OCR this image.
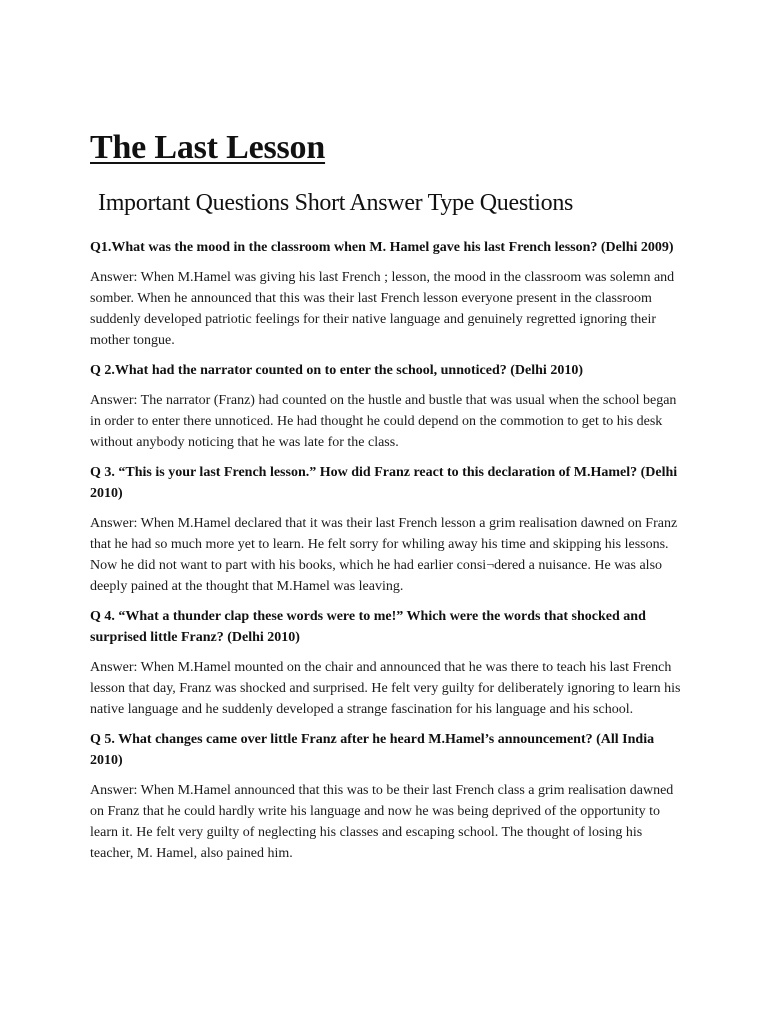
The Last Lesson
Important Questions Short Answer Type Questions

Q1.What was the mood in the classroom when M. Hamel gave his last French lesson? (Delhi 2009)

Answer: When M.Hamel was giving his last French ; lesson, the mood in the classroom was solemn and somber. When he announced that this was their last French lesson everyone present in the classroom suddenly developed patriotic feelings for their native language and genuinely regretted ignoring their mother tongue.

Q 2.What had the narrator counted on to enter the school, unnoticed? (Delhi 2010)

Answer: The narrator (Franz) had counted on the hustle and bustle that was usual when the school began in order to enter there unnoticed. He had thought he could depend on the commotion to get to his desk without anybody noticing that he was late for the class.

Q 3. “This is your last French lesson.” How did Franz react to this declaration of M.Hamel? (Delhi 2010)

Answer: When M.Hamel declared that it was their last French lesson a grim realisation dawned on Franz that he had so much more yet to learn. He felt sorry for whiling away his time and skipping his lessons. Now he did not want to part with his books, which he had earlier consi¬dered a nuisance. He was also deeply pained at the thought that M.Hamel was leaving.

Q 4. “What a thunder clap these words were to me!” Which were the words that shocked and surprised little Franz? (Delhi 2010)

Answer: When M.Hamel mounted on the chair and announced that he was there to teach his last French lesson that day, Franz was shocked and surprised. He felt very guilty for deliberately ignoring to learn his native language and he suddenly developed a strange fascination for his language and his school.

Q 5. What changes came over little Franz after he heard M.Hamel’s announcement? (All India 2010)

Answer: When M.Hamel announced that this was to be their last French class a grim realisation dawned on Franz that he could hardly write his language and now he was being deprived of the opportunity to learn it. He felt very guilty of neglecting his classes and escaping school. The thought of losing his teacher, M. Hamel, also pained him.
